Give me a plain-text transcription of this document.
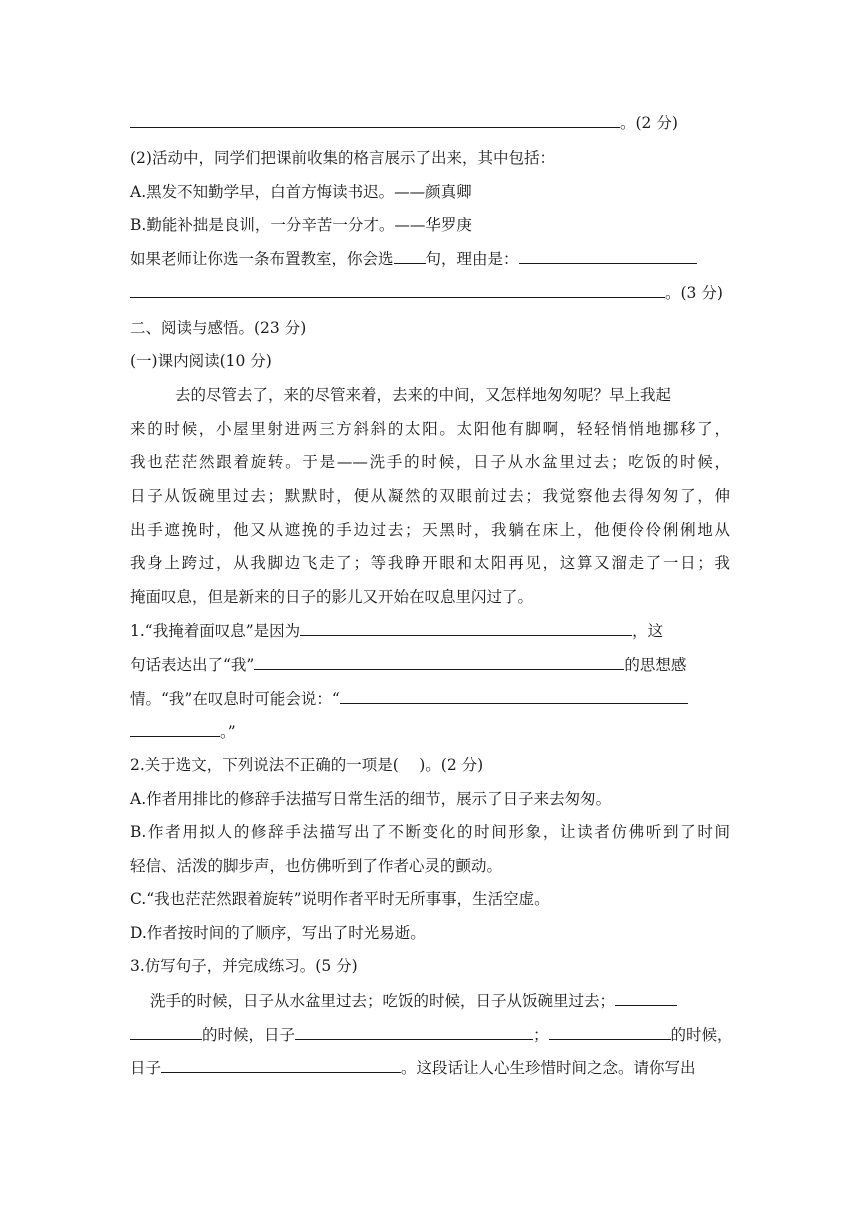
。(2 分)
(2)活动中，同学们把课前收集的格言展示了出来，其中包括：
A.黑发不知勤学早，白首方悔读书迟。——颜真卿
B.勤能补拙是良训，一分辛苦一分才。——华罗庚
如果老师让你选一条布置教室，你会选 句，理由是：
。(3 分)
二、阅读与感悟。(23 分)
(一)课内阅读(10 分)
去的尽管去了，来的尽管来着，去来的中间，又怎样地匆匆呢？早上我起
来的时候，小屋里射进两三方斜斜的太阳。太阳他有脚啊，轻轻悄悄地挪移了，
我也茫茫然跟着旋转。于是——洗手的时候，日子从水盆里过去；吃饭的时候，
日子从饭碗里过去；默默时，便从凝然的双眼前过去；我觉察他去得匆匆了，伸
出手遮挽时，他又从遮挽的手边过去；天黑时，我躺在床上，他便伶伶俐俐地从
我身上跨过，从我脚边飞走了；等我睁开眼和太阳再见，这算又溜走了一日；我
掩面叹息，但是新来的日子的影儿又开始在叹息里闪过了。
1.“我掩着面叹息”是因为	，这
句话表达出了“我”	的思想感
情。“我”在叹息时可能会说：“
。”
2.关于选文，下列说法不正确的一项是(　 )。(2 分)
A.作者用排比的修辞手法描写日常生活的细节，展示了日子来去匆匆。
B.作者用拟人的修辞手法描写出了不断变化的时间形象，让读者仿佛听到了时间
轻信、活泼的脚步声，也仿佛听到了作者心灵的颤动。
C.“我也茫茫然跟着旋转”说明作者平时无所事事，生活空虚。
D.作者按时间的了顺序，写出了时光易逝。
3.仿写句子，并完成练习。(5 分)
洗手的时候，日子从水盆里过去；吃饭的时候，日子从饭碗里过去；
的时候，日子	；	的时候，
日子	。这段话让人心生珍惜时间之念。请你写出
